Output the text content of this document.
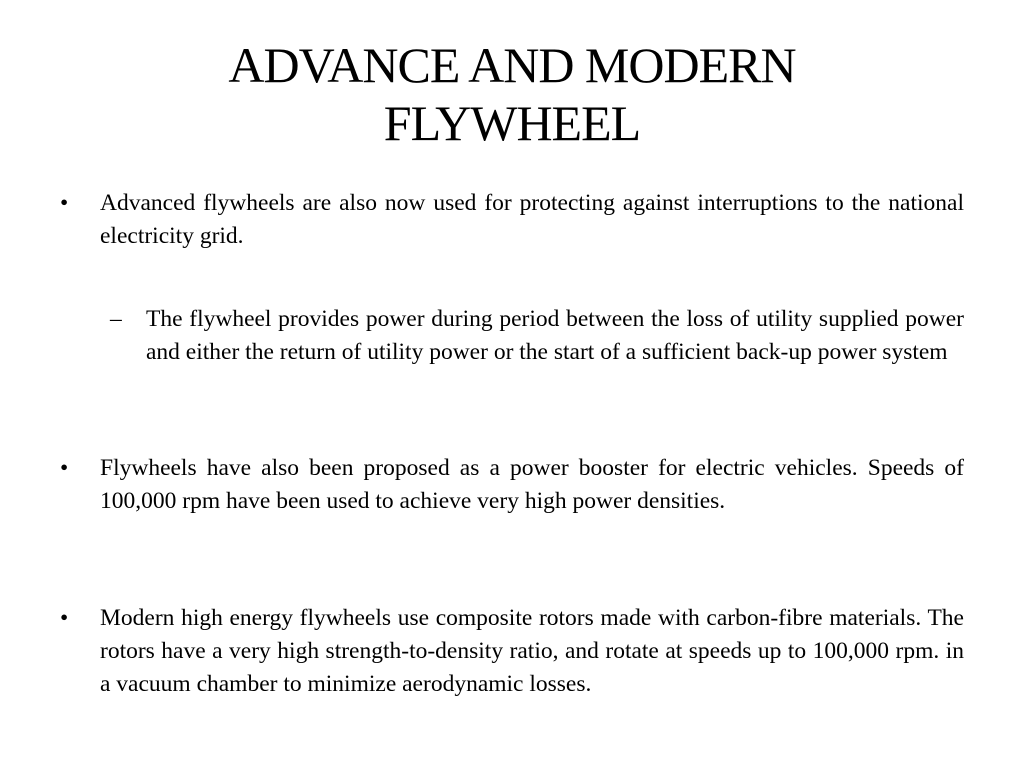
ADVANCE AND MODERN
FLYWHEEL
•	Advanced flywheels are also now used for protecting against interruptions to the national electricity grid.
–	The flywheel provides power during period between the loss of utility supplied power and either the return of utility power or the start of a sufficient back-up power system
•	Flywheels have also been proposed as a power booster for electric vehicles. Speeds of 100,000 rpm have been used to achieve very high power densities.
•	Modern high energy flywheels use composite rotors made with carbon-fibre materials. The rotors have a very high strength-to-density ratio, and rotate at speeds up to 100,000 rpm. in a vacuum chamber to minimize aerodynamic losses.
